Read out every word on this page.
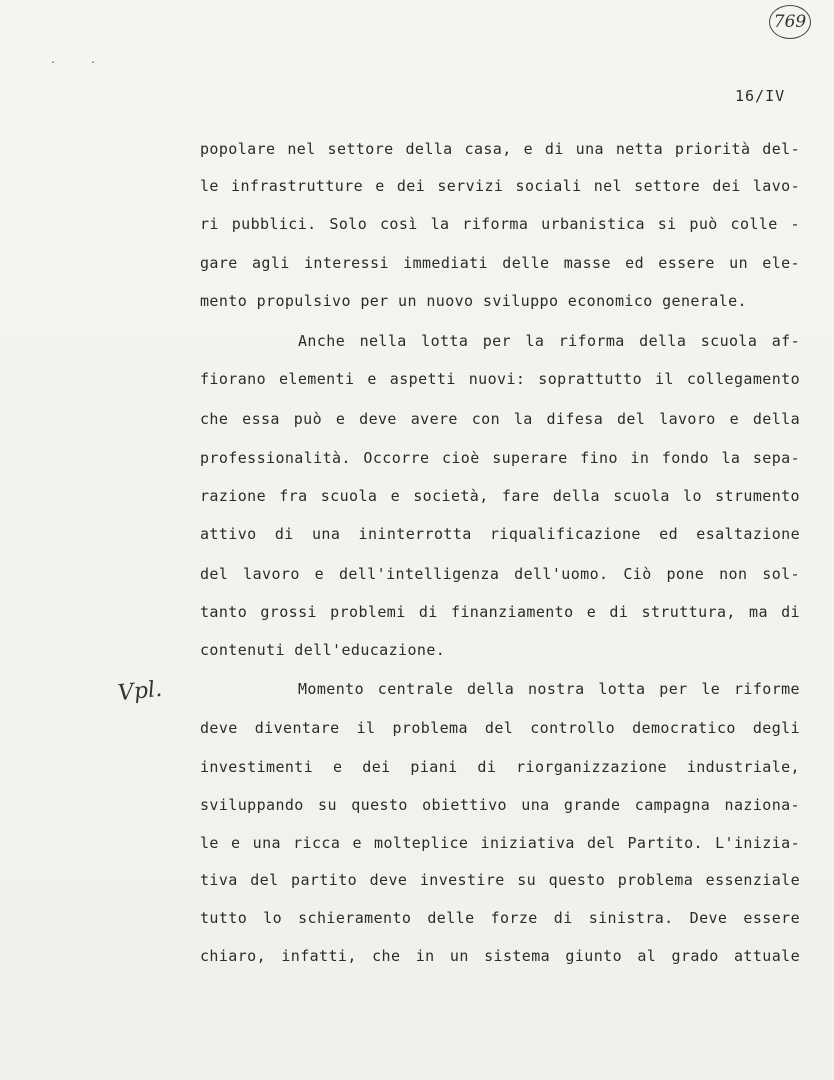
769
. .
16/IV
Vpl.
popolare nel settore della casa, e di una netta priorità del-
le infrastrutture e dei servizi sociali nel settore dei lavo-
ri pubblici. Solo così la riforma urbanistica si può colle -
gare agli interessi immediati delle masse ed essere un ele-
mento propulsivo per un nuovo sviluppo economico generale.
Anche nella lotta per la riforma della scuola af-
fiorano elementi e aspetti nuovi: soprattutto il collegamento
che essa può e deve avere con la difesa del lavoro e della
professionalità. Occorre cioè superare fino in fondo la sepa-
razione fra scuola e società, fare della scuola lo strumento
attivo di una ininterrotta riqualificazione ed esaltazione
del lavoro e dell'intelligenza dell'uomo. Ciò pone non sol-
tanto grossi problemi di finanziamento e di struttura, ma di
contenuti dell'educazione.
Momento centrale della nostra lotta per le riforme
deve diventare il problema del controllo democratico degli
investimenti e dei piani di riorganizzazione industriale,
sviluppando su questo obiettivo una grande campagna naziona-
le e una ricca e molteplice iniziativa del Partito. L'inizia-
tiva del partito deve investire su questo problema essenziale
tutto lo schieramento delle forze di sinistra. Deve essere
chiaro, infatti, che in un sistema giunto al grado attuale
